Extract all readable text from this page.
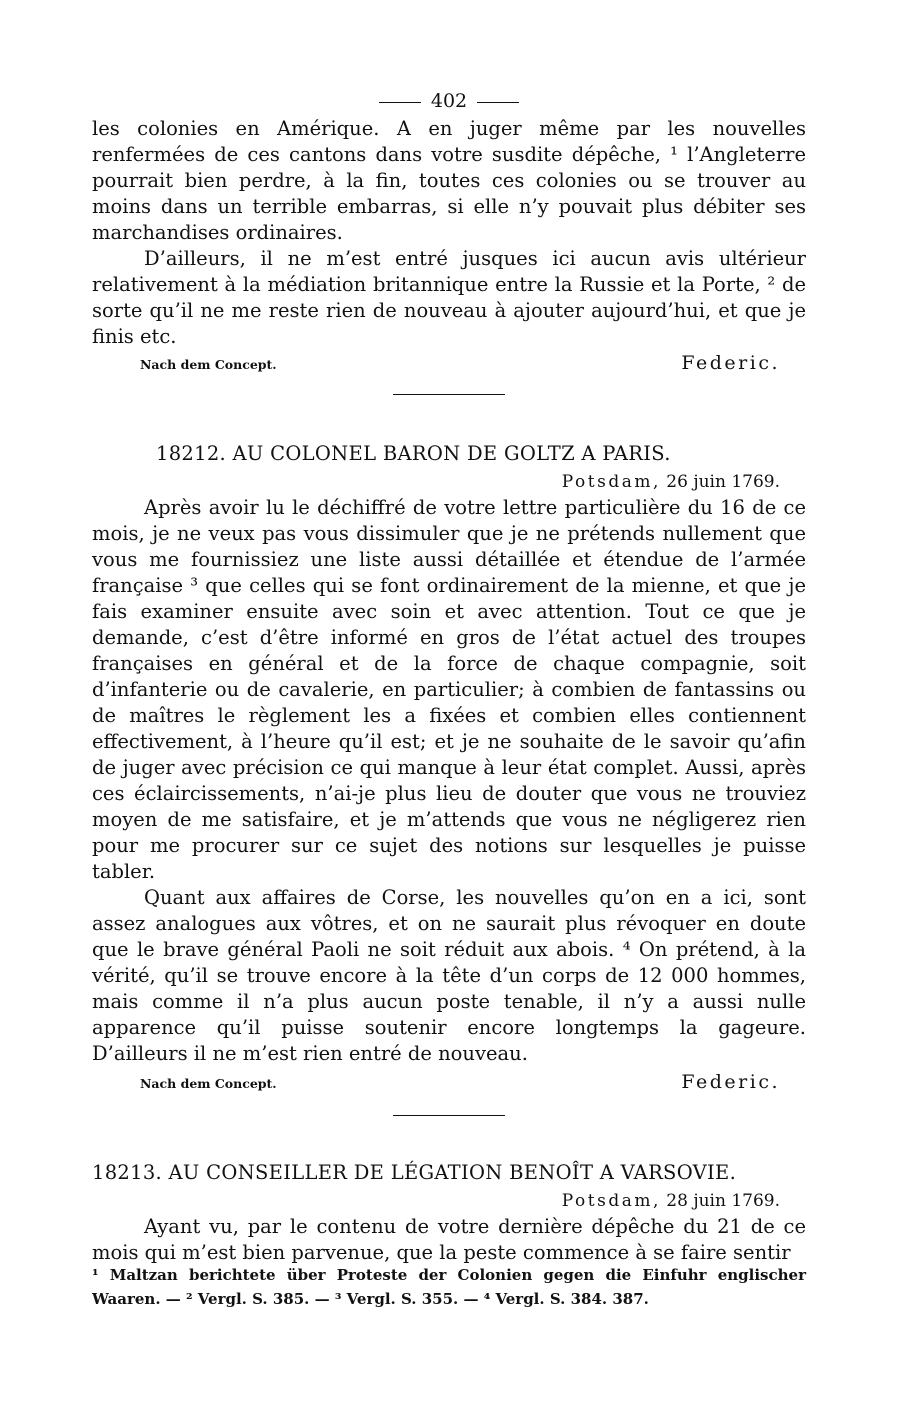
402

les colonies en Amérique. A en juger même par les nouvelles renfermées de ces cantons dans votre susdite dépêche, ¹ l’Angleterre pourrait bien perdre, à la fin, toutes ces colonies ou se trouver au moins dans un terrible embarras, si elle n’y pouvait plus débiter ses marchandises ordinaires.

D’ailleurs, il ne m’est entré jusques ici aucun avis ultérieur relativement à la médiation britannique entre la Russie et la Porte, ² de sorte qu’il ne me reste rien de nouveau à ajouter aujourd’hui, et que je finis etc.

Nach dem Concept.	Federic.
18212. AU COLONEL BARON DE GOLTZ A PARIS.
Potsdam, 26 juin 1769.

Après avoir lu le déchiffré de votre lettre particulière du 16 de ce mois, je ne veux pas vous dissimuler que je ne prétends nullement que vous me fournissiez une liste aussi détaillée et étendue de l’armée française ³ que celles qui se font ordinairement de la mienne, et que je fais examiner ensuite avec soin et avec attention. Tout ce que je demande, c’est d’être informé en gros de l’état actuel des troupes françaises en général et de la force de chaque compagnie, soit d’infanterie ou de cavalerie, en particulier; à combien de fantassins ou de maîtres le règlement les a fixées et combien elles contiennent effectivement, à l’heure qu’il est; et je ne souhaite de le savoir qu’afin de juger avec précision ce qui manque à leur état complet. Aussi, après ces éclaircissements, n’ai-je plus lieu de douter que vous ne trouviez moyen de me satisfaire, et je m’attends que vous ne négligerez rien pour me procurer sur ce sujet des notions sur lesquelles je puisse tabler.

Quant aux affaires de Corse, les nouvelles qu’on en a ici, sont assez analogues aux vôtres, et on ne saurait plus révoquer en doute que le brave général Paoli ne soit réduit aux abois. ⁴ On prétend, à la vérité, qu’il se trouve encore à la tête d’un corps de 12 000 hommes, mais comme il n’a plus aucun poste tenable, il n’y a aussi nulle apparence qu’il puisse soutenir encore longtemps la gageure. D’ailleurs il ne m’est rien entré de nouveau.

Nach dem Concept.	Federic.
18213. AU CONSEILLER DE LÉGATION BENOÎT A VARSOVIE.
Potsdam, 28 juin 1769.

Ayant vu, par le contenu de votre dernière dépêche du 21 de ce mois qui m’est bien parvenue, que la peste commence à se faire sentir

¹ Maltzan berichtete über Proteste der Colonien gegen die Einfuhr englischer Waaren. — ² Vergl. S. 385. — ³ Vergl. S. 355. — ⁴ Vergl. S. 384. 387.
